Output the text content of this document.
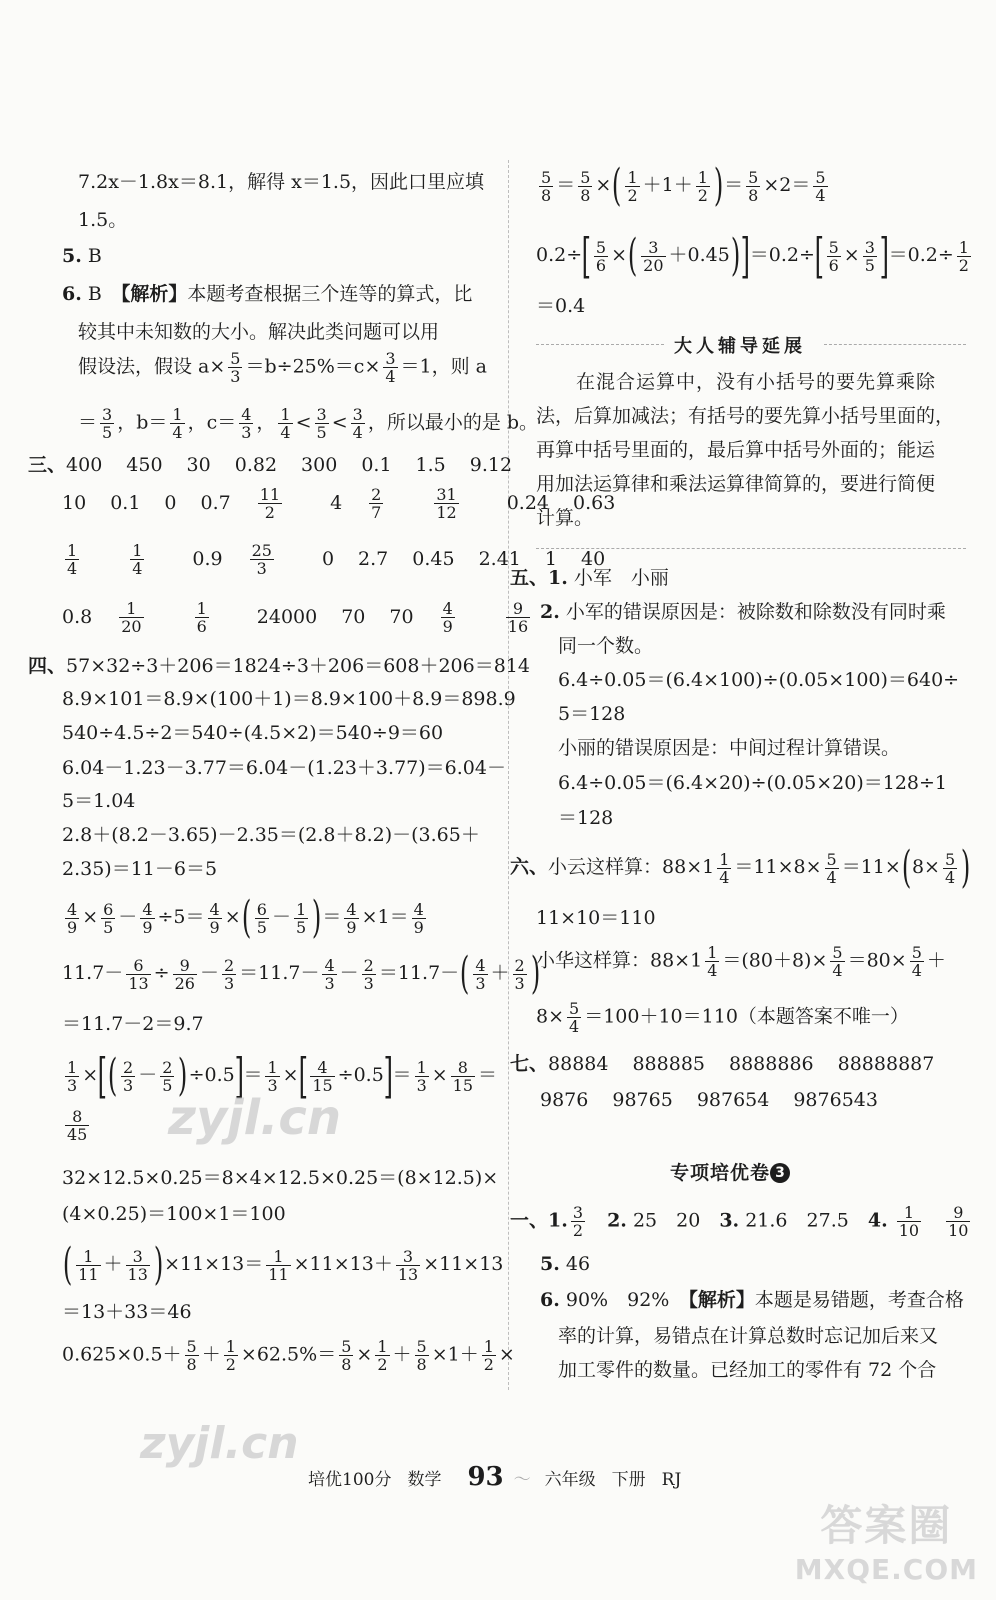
7.2x－1.8x＝8.1，解得 x＝1.5，因此口里应填
1.5。
5. B
6. B　【解析】本题考查根据三个连等的算式，比
较其中未知数的大小。解决此类问题可以用
假设法，假设 $a\times \frac{5}{3} =b\div 25\%=c\times \frac{3}{4} =1$，则 a
＝ $\frac{3}{5}$ ，$b= \frac{1}{4}$ ，$c= \frac{4}{3}$ ， $\frac{1}{4} < \frac{3}{5} < \frac{3}{4}$ ，所以最小的是 b。
三、400 450 30 0.82 300 0.1 1.5 9.12
10 0.1 0 $0.7 \frac{11}{2} 4 \frac{2}{7} \frac{31}{12} 0.24$ 0.63
$\frac{1}{4} \frac{1}{4} 0.9 \frac{25}{3} 0$ 2.7 0.45 2.41 1 40
$0.8 \frac{1}{20} \frac{1}{6} 24000$ 70 $70 \frac{4}{9} \frac{9}{16}$
四、57×32÷3＋206＝1824÷3＋206＝608＋206＝814
8.9×101＝8.9×(100＋1)＝8.9×100＋8.9＝898.9
540÷4.5÷2＝540÷(4.5×2)＝540÷9＝60
6.04－1.23－3.77＝6.04－(1.23＋3.77)＝6.04－
5＝1.04
2.8＋(8.2－3.65)－2.35＝(2.8＋8.2)－(3.65＋
2.35)＝11－6＝5
$\frac{4}{9} \times \frac{6}{5} - \frac{4}{9} \div 5= \frac{4}{9}$ ×( $\frac{6}{5} - \frac{1}{5}$ )＝ $\frac{4}{9} \times 1= \frac{4}{9}$
$11.7- \frac{6}{13} \div \frac{9}{26} - \frac{2}{3} =11.7- \frac{4}{3} - \frac{2}{3} =11.7-( \frac{4}{3} + \frac{2}{3}$ )
＝11.7－2＝9.7
$\frac{1}{3}$ ×[( $\frac{2}{3} - \frac{2}{5} )\div 0.5]= \frac{1}{3}$ ×[ $\frac{4}{15} \div 0.5]= \frac{1}{3} \times \frac{8}{15}$ ＝
$\frac{8}{45}$
32×12.5×0.25＝8×4×12.5×0.25＝(8×12.5)×
(4×0.25)＝100×1＝100
( $\frac{1}{11} + \frac{3}{13} )\times 11\times 13= \frac{1}{11} \times 11\times 13+ \frac{3}{13} \times 11\times 13$
＝13＋33＝46
$0.625\times 0.5+ \frac{5}{8} + \frac{1}{2} \times 62.5\%= \frac{5}{8} \times \frac{1}{2} + \frac{5}{8} \times 1+ \frac{1}{2}$ ×
$\frac{5}{8} = \frac{5}{8}$ ×( $\frac{1}{2} +1+ \frac{1}{2}$ )＝ $\frac{5}{8} \times 2= \frac{5}{4}$
$0.2\div[ \frac{5}{6}$ ×( $\frac{3}{20} +0.45)]=0.2\div[ \frac{5}{6} \times \frac{3}{5} ]=0.2\div \frac{1}{2}$
＝0.4
大人辅导延展
在混合运算中，没有小括号的要先算乘除
法，后算加减法；有括号的要先算小括号里面的，
再算中括号里面的，最后算中括号外面的；能运
用加法运算律和乘法运算律简算的，要进行简便
计算。
五、1. 小军　小丽
2. 小军的错误原因是：被除数和除数没有同时乘
同一个数。
6.4÷0.05＝(6.4×100)÷(0.05×100)＝640÷
5＝128
小丽的错误原因是：中间过程计算错误。
6.4÷0.05＝(6.4×20)÷(0.05×20)＝128÷1
＝128
六、小云这样算：$88\times 1 \frac{1}{4} =11\times 8\times \frac{5}{4} =11\times(8\times \frac{5}{4}$ )
11×10＝110
小华这样算：$88\times 1 \frac{1}{4} =(80+8)\times \frac{5}{4} =80\times \frac{5}{4}$ ＋
$8\times \frac{5}{4} =100+10=110$（本题答案不唯一）
七、88884 888885 8888886 88888887
9876 98765 987654 9876543
专项培优卷 3
一、1. $\frac{3}{2}$
　 2. 25　20　 3. 21.6　27.5　 4. $\frac{1}{10}$
　 $\frac{9}{10}$
5. 46
6. 90%　92%　【解析】本题是易错题，考查合格
率的计算，易错点在计算总数时忘记加后来又
加工零件的数量。已经加工的零件有 72 个合
zyjl.cn
zyjl.cn
培优100分 数学 93 〜 六年级 下册 RJ
答案圈
MXQE.COM
